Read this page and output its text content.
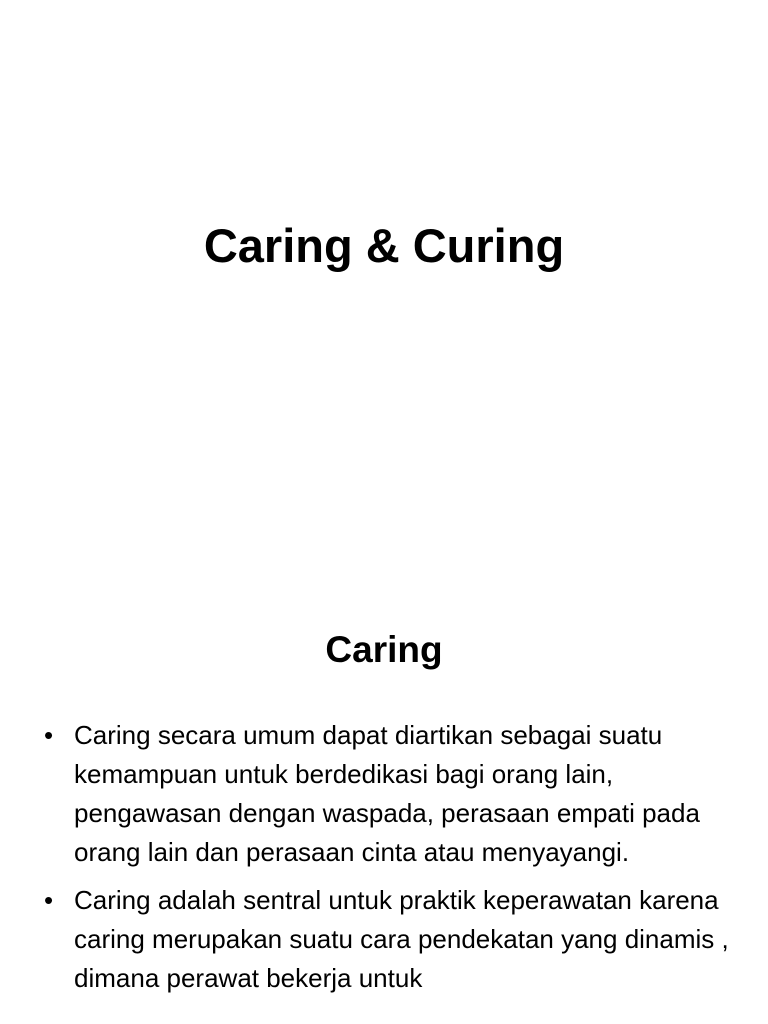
Caring & Curing
Caring
• Caring secara umum dapat diartikan sebagai suatu kemampuan untuk berdedikasi bagi orang lain, pengawasan dengan waspada, perasaan empati pada orang lain dan perasaan cinta atau menyayangi.
• Caring adalah sentral untuk praktik keperawatan karena caring merupakan suatu cara pendekatan yang dinamis , dimana perawat bekerja untuk
